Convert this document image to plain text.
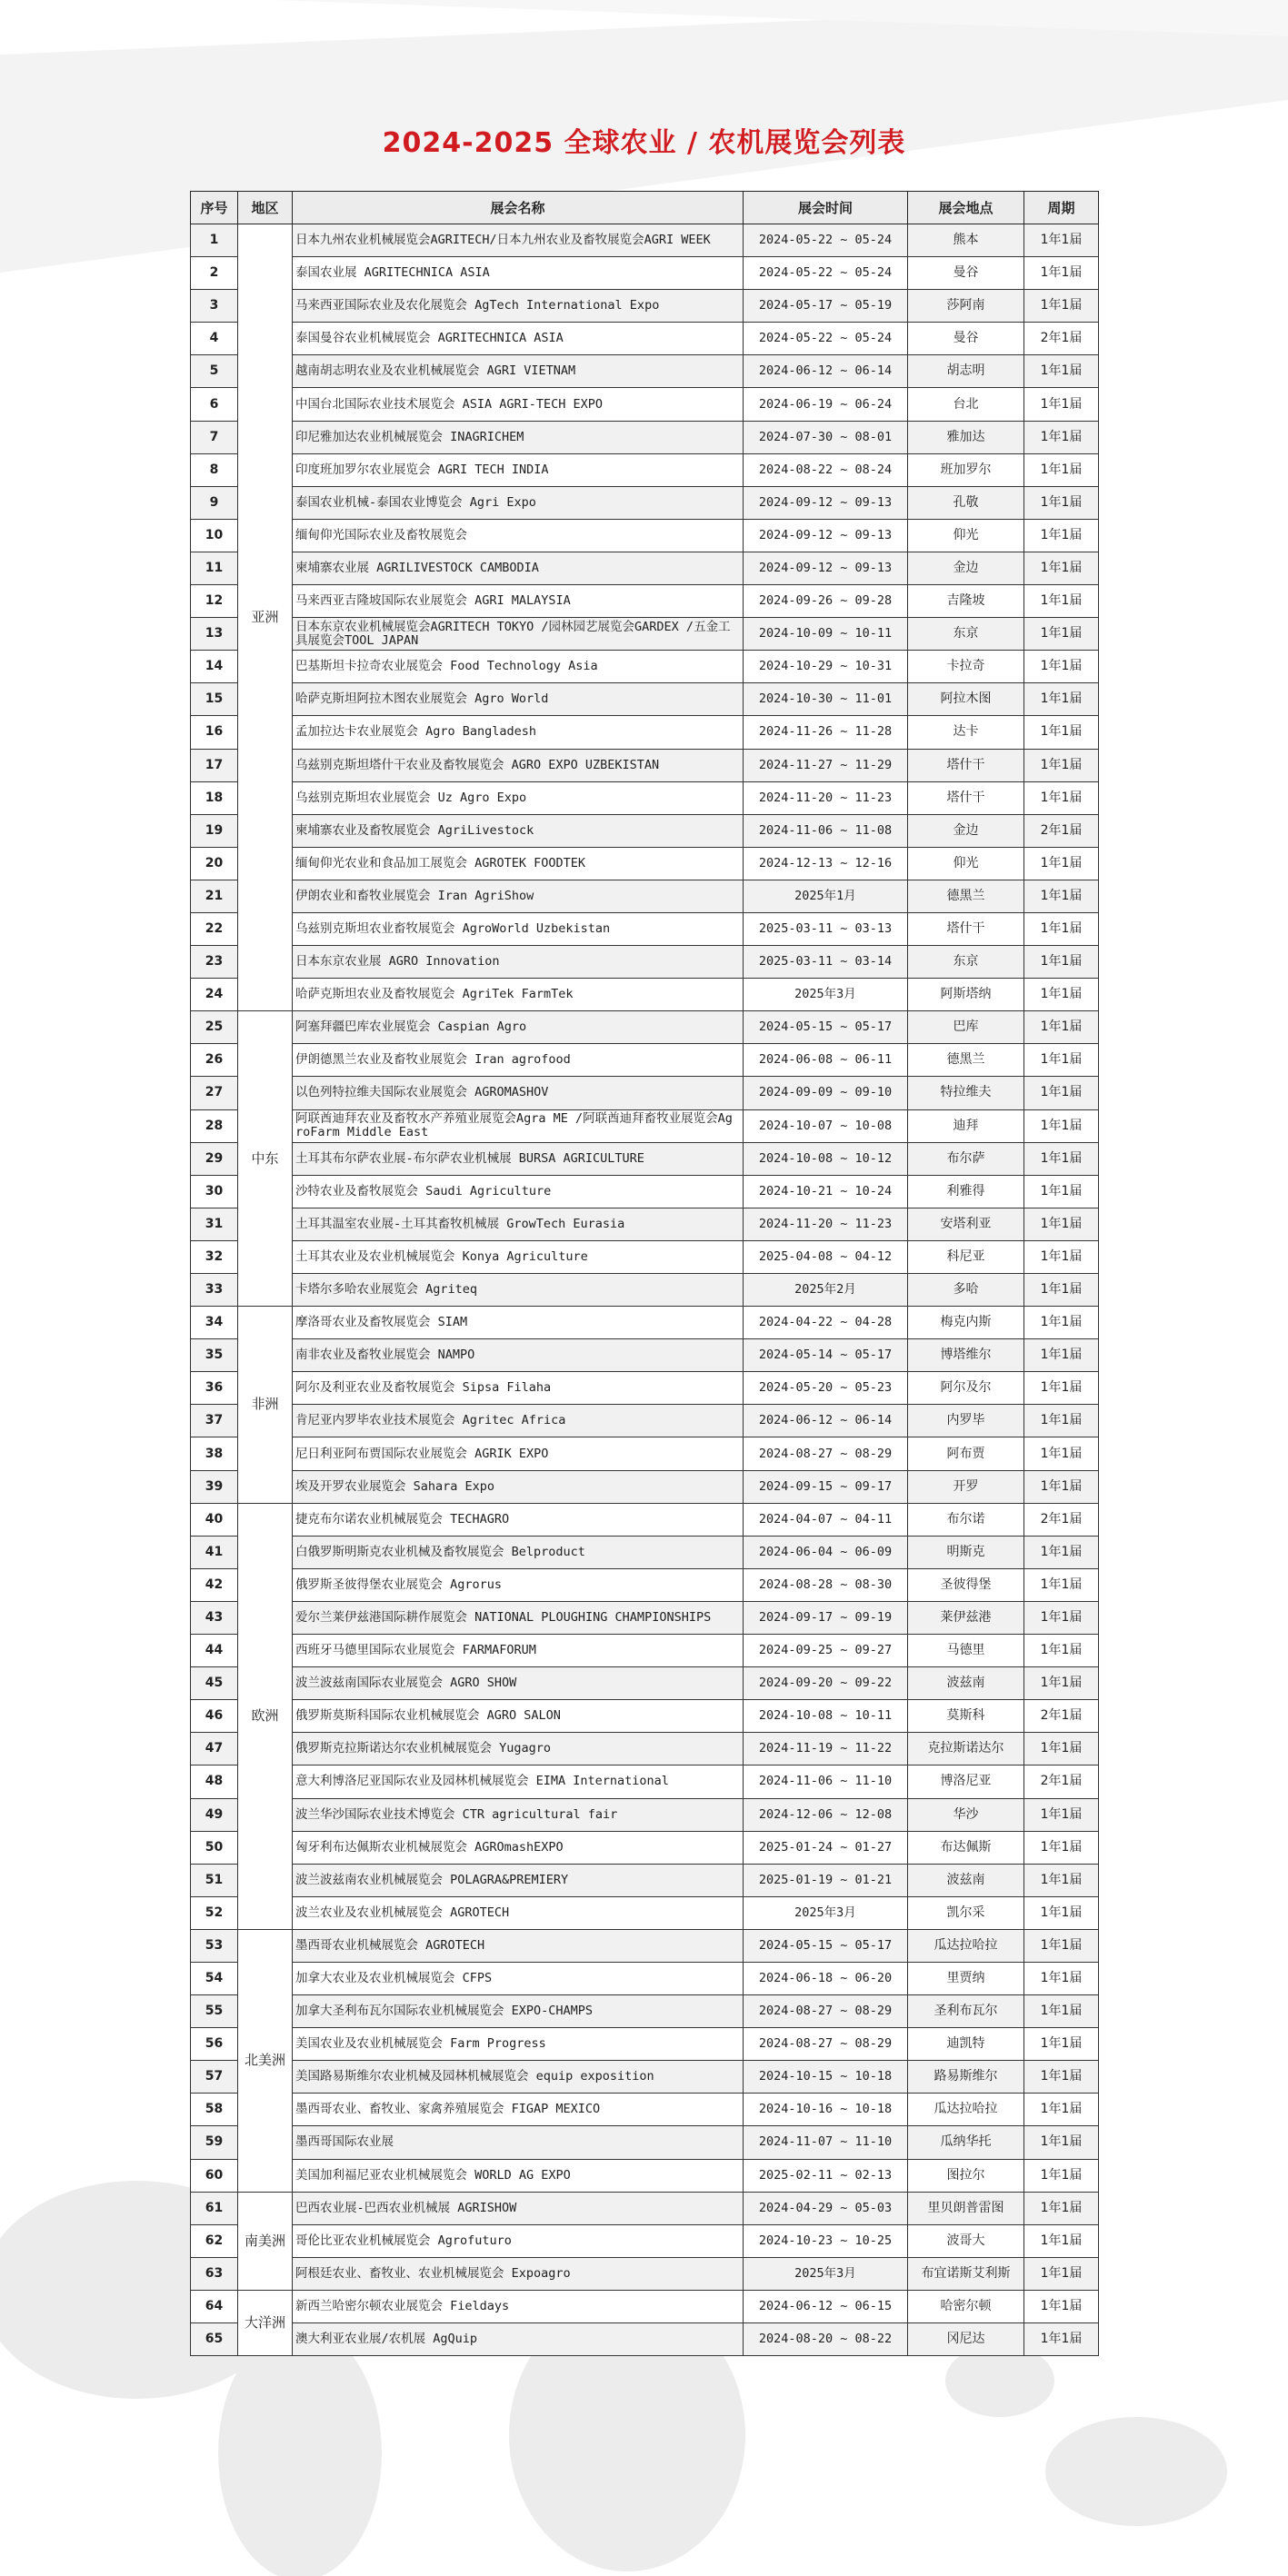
2024-2025 全球农业 / 农机展览会列表
序号	地区	展会名称	展会时间	展会地点	周期
1	亚洲	日本九州农业机械展览会AGRITECH/日本九州农业及畜牧展览会AGRI WEEK	2024-05-22 ~ 05-24	熊本	1年1届
2		泰国农业展 AGRITECHNICA ASIA	2024-05-22 ~ 05-24	曼谷	1年1届
3		马来西亚国际农业及农化展览会 AgTech International Expo	2024-05-17 ~ 05-19	莎阿南	1年1届
4		泰国曼谷农业机械展览会 AGRITECHNICA ASIA	2024-05-22 ~ 05-24	曼谷	2年1届
5		越南胡志明农业及农业机械展览会 AGRI VIETNAM	2024-06-12 ~ 06-14	胡志明	1年1届
6		中国台北国际农业技术展览会 ASIA AGRI-TECH EXPO	2024-06-19 ~ 06-24	台北	1年1届
7		印尼雅加达农业机械展览会 INAGRICHEM	2024-07-30 ~ 08-01	雅加达	1年1届
8		印度班加罗尔农业展览会 AGRI TECH INDIA	2024-08-22 ~ 08-24	班加罗尔	1年1届
9		泰国农业机械-泰国农业博览会 Agri Expo	2024-09-12 ~ 09-13	孔敬	1年1届
10		缅甸仰光国际农业及畜牧展览会	2024-09-12 ~ 09-13	仰光	1年1届
11		柬埔寨农业展 AGRILIVESTOCK CAMBODIA	2024-09-12 ~ 09-13	金边	1年1届
12		马来西亚吉隆坡国际农业展览会 AGRI MALAYSIA	2024-09-26 ~ 09-28	吉隆坡	1年1届
13		日本东京农业机械展览会AGRITECH TOKYO /园林园艺展览会GARDEX /五金工具展览会TOOL JAPAN	2024-10-09 ~ 10-11	东京	1年1届
14		巴基斯坦卡拉奇农业展览会 Food Technology Asia	2024-10-29 ~ 10-31	卡拉奇	1年1届
15		哈萨克斯坦阿拉木图农业展览会 Agro World	2024-10-30 ~ 11-01	阿拉木图	1年1届
16		孟加拉达卡农业展览会 Agro Bangladesh	2024-11-26 ~ 11-28	达卡	1年1届
17		乌兹别克斯坦塔什干农业及畜牧展览会 AGRO EXPO UZBEKISTAN	2024-11-27 ~ 11-29	塔什干	1年1届
18		乌兹别克斯坦农业展览会 Uz Agro Expo	2024-11-20 ~ 11-23	塔什干	1年1届
19		柬埔寨农业及畜牧展览会 AgriLivestock	2024-11-06 ~ 11-08	金边	2年1届
20		缅甸仰光农业和食品加工展览会 AGROTEK FOODTEK	2024-12-13 ~ 12-16	仰光	1年1届
21		伊朗农业和畜牧业展览会 Iran AgriShow	2025年1月	德黑兰	1年1届
22		乌兹别克斯坦农业畜牧展览会 AgroWorld Uzbekistan	2025-03-11 ~ 03-13	塔什干	1年1届
23		日本东京农业展 AGRO Innovation	2025-03-11 ~ 03-14	东京	1年1届
24		哈萨克斯坦农业及畜牧展览会 AgriTek FarmTek	2025年3月	阿斯塔纳	1年1届
25	中东	阿塞拜疆巴库农业展览会 Caspian Agro	2024-05-15 ~ 05-17	巴库	1年1届
26		伊朗德黑兰农业及畜牧业展览会 Iran agrofood	2024-06-08 ~ 06-11	德黑兰	1年1届
27		以色列特拉维夫国际农业展览会 AGROMASHOV	2024-09-09 ~ 09-10	特拉维夫	1年1届
28		阿联酋迪拜农业及畜牧水产养殖业展览会Agra ME /阿联酋迪拜畜牧业展览会AgroFarm Middle East	2024-10-07 ~ 10-08	迪拜	1年1届
29		土耳其布尔萨农业展-布尔萨农业机械展 BURSA AGRICULTURE	2024-10-08 ~ 10-12	布尔萨	1年1届
30		沙特农业及畜牧展览会 Saudi Agriculture	2024-10-21 ~ 10-24	利雅得	1年1届
31		土耳其温室农业展-土耳其畜牧机械展 GrowTech Eurasia	2024-11-20 ~ 11-23	安塔利亚	1年1届
32		土耳其农业及农业机械展览会 Konya Agriculture	2025-04-08 ~ 04-12	科尼亚	1年1届
33		卡塔尔多哈农业展览会 Agriteq	2025年2月	多哈	1年1届
34	非洲	摩洛哥农业及畜牧展览会 SIAM	2024-04-22 ~ 04-28	梅克内斯	1年1届
35		南非农业及畜牧业展览会 NAMPO	2024-05-14 ~ 05-17	博塔维尔	1年1届
36		阿尔及利亚农业及畜牧展览会 Sipsa Filaha	2024-05-20 ~ 05-23	阿尔及尔	1年1届
37		肯尼亚内罗毕农业技术展览会 Agritec Africa	2024-06-12 ~ 06-14	内罗毕	1年1届
38		尼日利亚阿布贾国际农业展览会 AGRIK EXPO	2024-08-27 ~ 08-29	阿布贾	1年1届
39		埃及开罗农业展览会 Sahara Expo	2024-09-15 ~ 09-17	开罗	1年1届
40	欧洲	捷克布尔诺农业机械展览会 TECHAGRO	2024-04-07 ~ 04-11	布尔诺	2年1届
41		白俄罗斯明斯克农业机械及畜牧展览会 Belproduct	2024-06-04 ~ 06-09	明斯克	1年1届
42		俄罗斯圣彼得堡农业展览会 Agrorus	2024-08-28 ~ 08-30	圣彼得堡	1年1届
43		爱尔兰莱伊兹港国际耕作展览会 NATIONAL PLOUGHING CHAMPIONSHIPS	2024-09-17 ~ 09-19	莱伊兹港	1年1届
44		西班牙马德里国际农业展览会 FARMAFORUM	2024-09-25 ~ 09-27	马德里	1年1届
45		波兰波兹南国际农业展览会 AGRO SHOW	2024-09-20 ~ 09-22	波兹南	1年1届
46		俄罗斯莫斯科国际农业机械展览会 AGRO SALON	2024-10-08 ~ 10-11	莫斯科	2年1届
47		俄罗斯克拉斯诺达尔农业机械展览会 Yugagro	2024-11-19 ~ 11-22	克拉斯诺达尔	1年1届
48		意大利博洛尼亚国际农业及园林机械展览会 EIMA International	2024-11-06 ~ 11-10	博洛尼亚	2年1届
49		波兰华沙国际农业技术博览会 CTR agricultural fair	2024-12-06 ~ 12-08	华沙	1年1届
50		匈牙利布达佩斯农业机械展览会 AGROmashEXPO	2025-01-24 ~ 01-27	布达佩斯	1年1届
51		波兰波兹南农业机械展览会 POLAGRA&PREMIERY	2025-01-19 ~ 01-21	波兹南	1年1届
52		波兰农业及农业机械展览会 AGROTECH	2025年3月	凯尔采	1年1届
53	北美洲	墨西哥农业机械展览会 AGROTECH	2024-05-15 ~ 05-17	瓜达拉哈拉	1年1届
54		加拿大农业及农业机械展览会 CFPS	2024-06-18 ~ 06-20	里贾纳	1年1届
55		加拿大圣利布瓦尔国际农业机械展览会 EXPO-CHAMPS	2024-08-27 ~ 08-29	圣利布瓦尔	1年1届
56		美国农业及农业机械展览会 Farm Progress	2024-08-27 ~ 08-29	迪凯特	1年1届
57		美国路易斯维尔农业机械及园林机械展览会 equip exposition	2024-10-15 ~ 10-18	路易斯维尔	1年1届
58		墨西哥农业、畜牧业、家禽养殖展览会 FIGAP MEXICO	2024-10-16 ~ 10-18	瓜达拉哈拉	1年1届
59		墨西哥国际农业展	2024-11-07 ~ 11-10	瓜纳华托	1年1届
60		美国加利福尼亚农业机械展览会 WORLD AG EXPO	2025-02-11 ~ 02-13	图拉尔	1年1届
61	南美洲	巴西农业展-巴西农业机械展 AGRISHOW	2024-04-29 ~ 05-03	里贝朗普雷图	1年1届
62		哥伦比亚农业机械展览会 Agrofuturo	2024-10-23 ~ 10-25	波哥大	1年1届
63		阿根廷农业、畜牧业、农业机械展览会 Expoagro	2025年3月	布宜诺斯艾利斯	1年1届
64	大洋洲	新西兰哈密尔顿农业展览会 Fieldays	2024-06-12 ~ 06-15	哈密尔顿	1年1届
65		澳大利亚农业展/农机展 AgQuip	2024-08-20 ~ 08-22	冈尼达	1年1届
